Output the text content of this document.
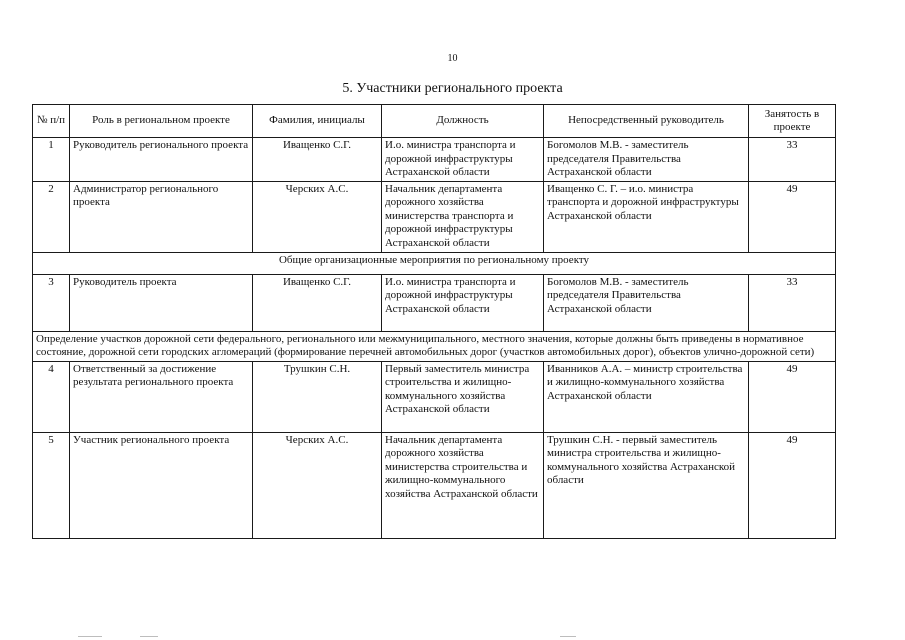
10
5. Участники регионального проекта
№ п/п	Роль в региональном проекте	Фамилия, инициалы	Должность	Непосредственный руководитель	Занятость в проекте
1	Руководитель регионального проекта	Иващенко С.Г.	И.о. министра транспорта и дорожной инфраструктуры Астраханской области	Богомолов М.В. - заместитель председателя Правительства Астраханской области	33
2	Администратор регионального проекта	Черских А.С.	Начальник департамента дорожного хозяйства министерства транспорта и дорожной инфраструктуры Астраханской области	Иващенко С. Г. – и.о. министра транспорта и дорожной инфраструктуры Астраханской области	49
Общие организационные мероприятия по региональному проекту					
3	Руководитель проекта	Иващенко С.Г.	И.о. министра транспорта и дорожной инфраструктуры Астраханской области	Богомолов М.В. - заместитель председателя Правительства Астраханской области	33
Определение участков дорожной сети федерального, регионального или межмуниципального, местного значения, которые должны быть приведены в нормативное состояние, дорожной сети городских агломераций (формирование перечней автомобильных дорог (участков автомобильных дорог), объектов улично-дорожной сети)					
4	Ответственный за достижение результата регионального проекта	Трушкин С.Н.	Первый заместитель министра строительства и жилищно-коммунального хозяйства Астраханской области	Иванников А.А. – министр строительства и жилищно-коммунального хозяйства Астраханской области	49
5	Участник регионального проекта	Черских А.С.	Начальник департамента дорожного хозяйства министерства строительства и жилищно-коммунального хозяйства Астраханской области	Трушкин С.Н. - первый заместитель министра строительства и жилищно-коммунального хозяйства Астраханской области	49
